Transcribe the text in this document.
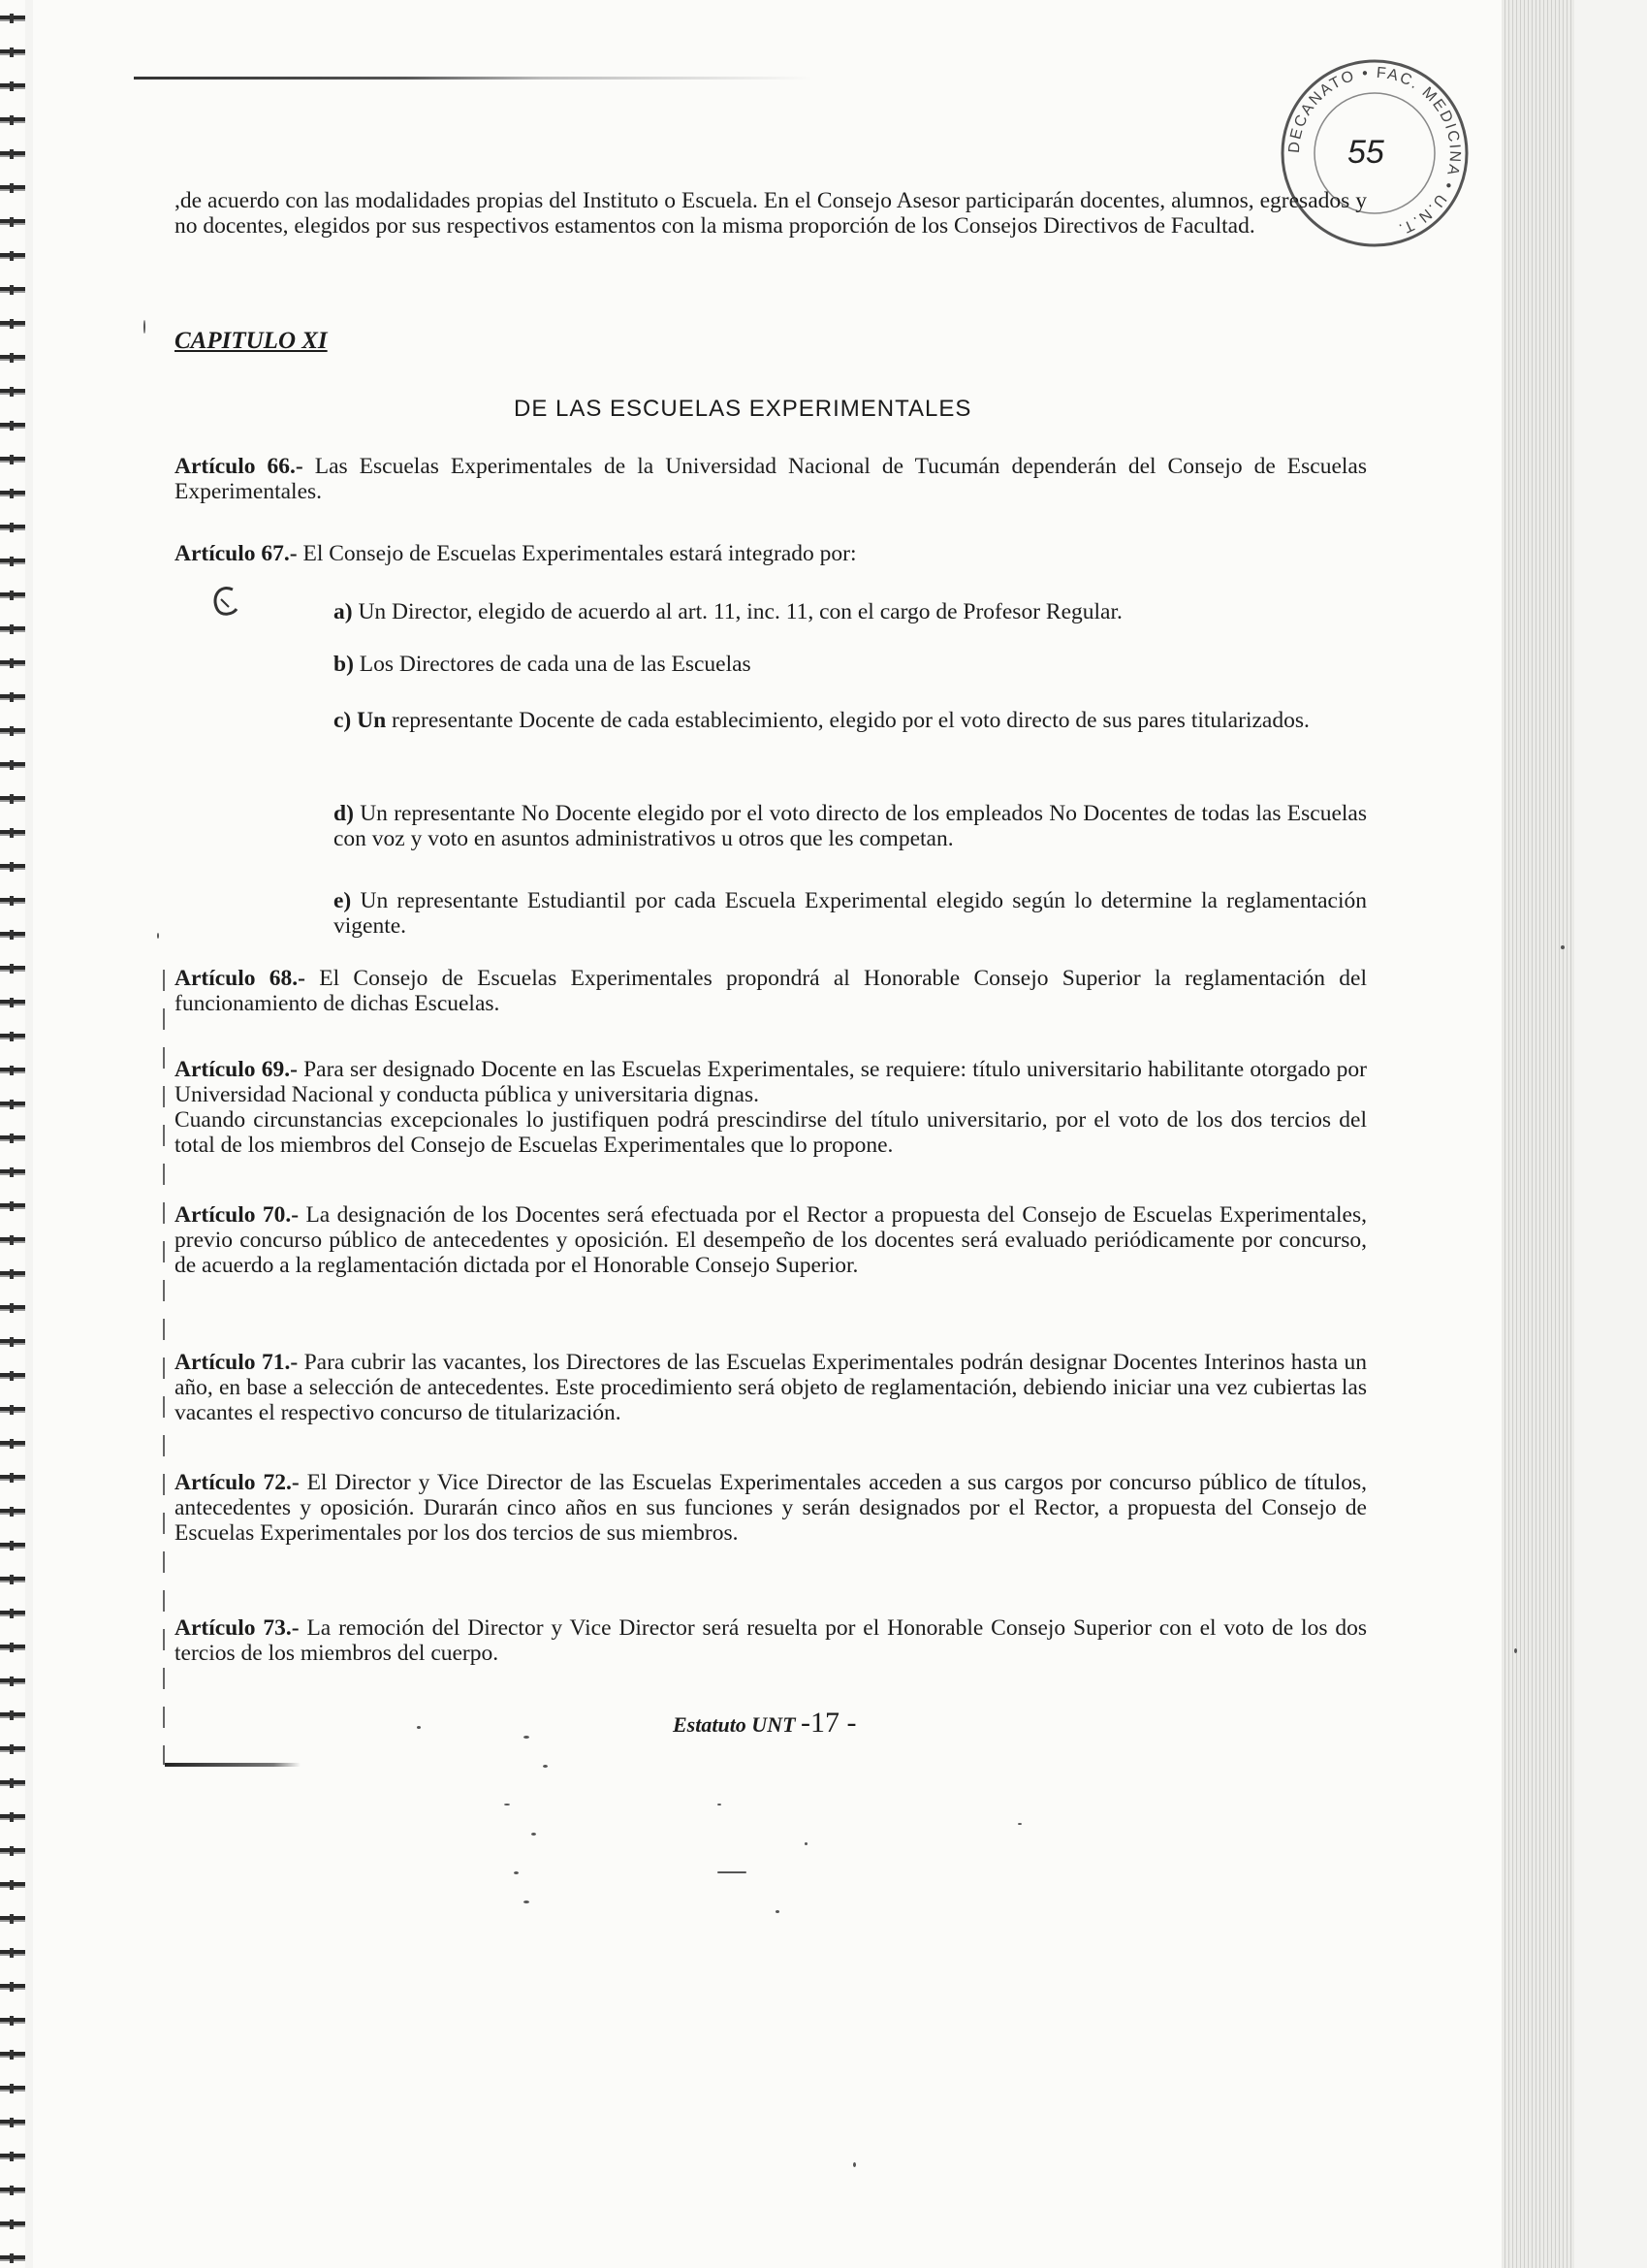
DECANATO • FAC. MEDICINA • U.N.T.
55
,de acuerdo con las modalidades propias del Instituto o Escuela. En el Consejo Asesor participarán docentes, alumnos, egresados y no docentes, elegidos por sus respectivos estamentos con la misma proporción de los Consejos Directivos de Facultad.
CAPITULO XI
DE LAS ESCUELAS EXPERIMENTALES
Artículo 66.- Las Escuelas Experimentales de la Universidad Nacional de Tucumán dependerán del Consejo de Escuelas Experimentales.
Artículo 67.- El Consejo de Escuelas Experimentales estará integrado por:
a) Un Director, elegido de acuerdo al art. 11, inc. 11, con el cargo de Profesor Regular.
b) Los Directores de cada una de las Escuelas
c) Un representante Docente de cada establecimiento, elegido por el voto directo de sus pares titularizados.
d) Un representante No Docente elegido por el voto directo de los empleados No Docentes de todas las Escuelas con voz y voto en asuntos administrativos u otros que les competan.
e) Un representante Estudiantil por cada Escuela Experimental elegido según lo determine la reglamentación vigente.
Artículo 68.- El Consejo de Escuelas Experimentales propondrá al Honorable Consejo Superior la reglamentación del funcionamiento de dichas Escuelas.
Artículo 69.- Para ser designado Docente en las Escuelas Experimentales, se requiere: título universitario habilitante otorgado por Universidad Nacional y conducta pública y universitaria dignas.
Cuando circunstancias excepcionales lo justifiquen podrá prescindirse del título universitario, por el voto de los dos tercios del total de los miembros del Consejo de Escuelas Experimentales que lo propone.
Artículo 70.- La designación de los Docentes será efectuada por el Rector a propuesta del Consejo de Escuelas Experimentales, previo concurso público de antecedentes y oposición. El desempeño de los docentes será evaluado periódicamente por concurso, de acuerdo a la reglamentación dictada por el Honorable Consejo Superior.
Artículo 71.- Para cubrir las vacantes, los Directores de las Escuelas Experimentales podrán designar Docentes Interinos hasta un año, en base a selección de antecedentes. Este procedimiento será objeto de reglamentación, debiendo iniciar una vez cubiertas las vacantes el respectivo concurso de titularización.
Artículo 72.- El Director y Vice Director de las Escuelas Experimentales acceden a sus cargos por concurso público de títulos, antecedentes y oposición. Durarán cinco años en sus funciones y serán designados por el Rector, a propuesta del Consejo de Escuelas Experimentales por los dos tercios de sus miembros.
Artículo 73.- La remoción del Director y Vice Director será resuelta por el Honorable Consejo Superior con el voto de los dos tercios de los miembros del cuerpo.
Estatuto UNT -17 -
